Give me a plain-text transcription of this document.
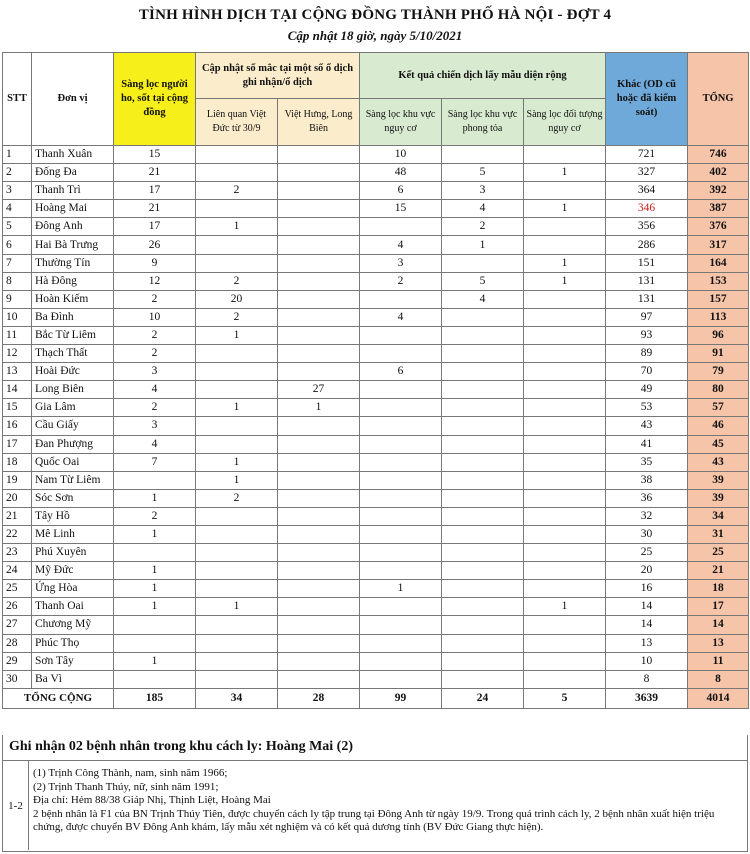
TÌNH HÌNH DỊCH TẠI CỘNG ĐỒNG THÀNH PHỐ HÀ NỘI - ĐỢT 4
Cập nhật 18 giờ, ngày 5/10/2021
STT	Đơn vị	Sàng lọc người ho, sốt tại cộng đồng	Cập nhật số mắc tại một số ổ dịch ghi nhận/ổ dịch		Kết quả chiến dịch lấy mẫu diện rộng			Khác (OD cũ hoặc đã kiểm soát)	TỔNG
			Liên quan Việt Đức từ 30/9	Việt Hưng, Long Biên	Sàng lọc khu vực nguy cơ	Sàng lọc khu vực phong tỏa	Sàng lọc đối tượng nguy cơ		
1	Thanh Xuân	15			10			721	746
2	Đống Đa	21			48	5	1	327	402
3	Thanh Trì	17	2		6	3		364	392
4	Hoàng Mai	21			15	4	1	346	387
5	Đông Anh	17	1			2		356	376
6	Hai Bà Trưng	26			4	1		286	317
7	Thường Tín	9			3		1	151	164
8	Hà Đông	12	2		2	5	1	131	153
9	Hoàn Kiếm	2	20			4		131	157
10	Ba Đình	10	2		4			97	113
11	Bắc Từ Liêm	2	1					93	96
12	Thạch Thất	2						89	91
13	Hoài Đức	3			6			70	79
14	Long Biên	4		27				49	80
15	Gia Lâm	2	1	1				53	57
16	Cầu Giấy	3						43	46
17	Đan Phượng	4						41	45
18	Quốc Oai	7	1					35	43
19	Nam Từ Liêm		1					38	39
20	Sóc Sơn	1	2					36	39
21	Tây Hồ	2						32	34
22	Mê Linh	1						30	31
23	Phú Xuyên							25	25
24	Mỹ Đức	1						20	21
25	Ứng Hòa	1			1			16	18
26	Thanh Oai	1	1				1	14	17
27	Chương Mỹ							14	14
28	Phúc Thọ							13	13
29	Sơn Tây	1						10	11
30	Ba Vì							8	8
TỔNG CỘNG		185	34	28	99	24	5	3639	4014
Ghi nhận 02 bệnh nhân trong khu cách ly: Hoàng Mai (2)
1-2
(1) Trịnh Công Thành, nam, sinh năm 1966;
(2) Trịnh Thanh Thúy, nữ, sinh năm 1991;
Địa chỉ: Hẻm 88/38 Giáp Nhị, Thịnh Liệt, Hoàng Mai
2 bệnh nhân là F1 của BN Trịnh Thúy Tiên, được chuyển cách ly tập trung tại Đông Anh từ ngày 19/9. Trong quá trình cách ly, 2 bệnh nhân xuất hiện triệu chứng, được chuyển BV Đông Anh khám, lấy mẫu xét nghiệm và có kết quả dương tính (BV Đức Giang thực hiện).
